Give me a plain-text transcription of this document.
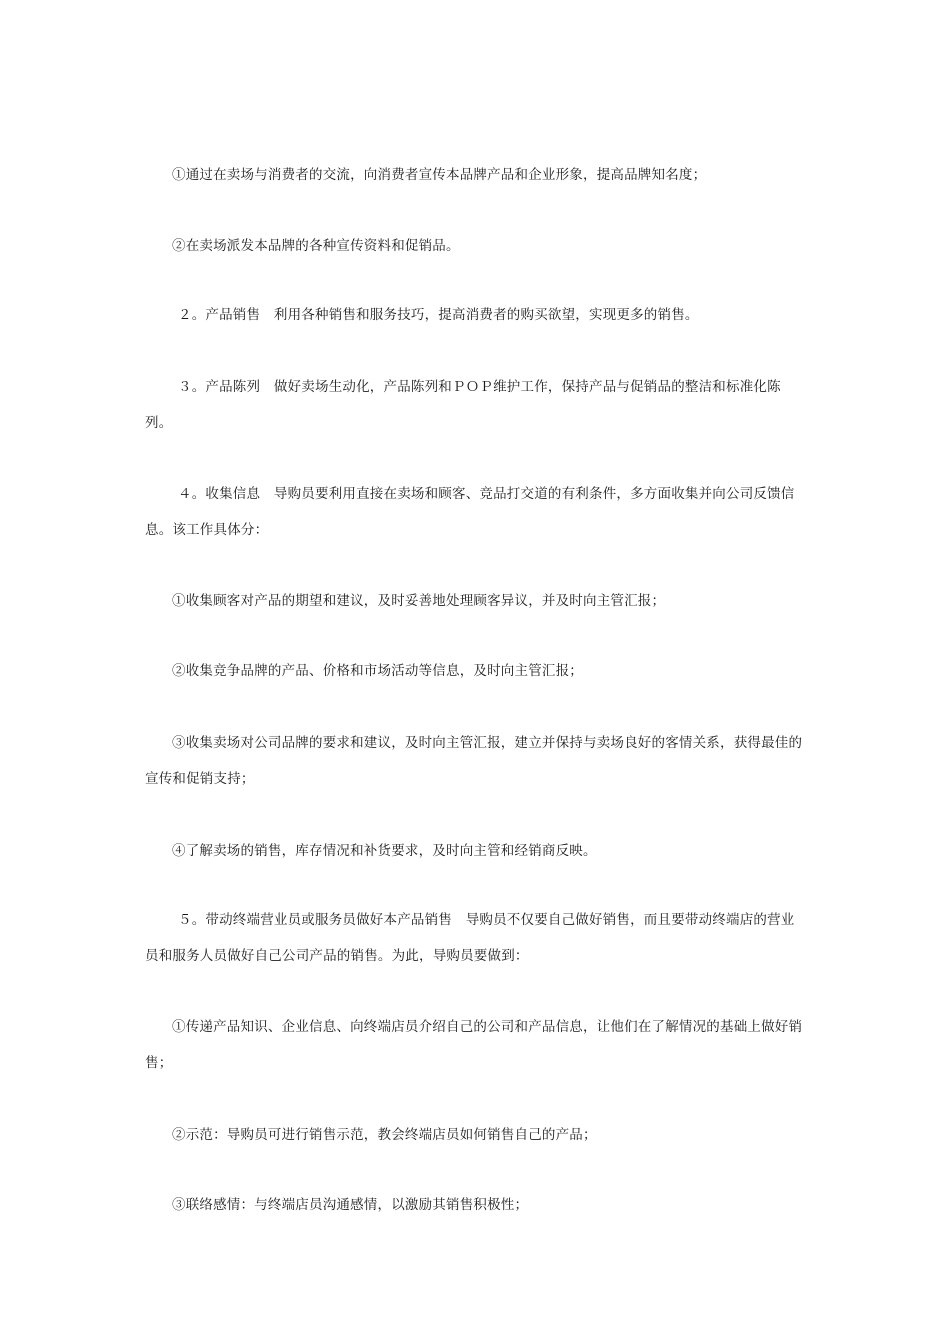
①通过在卖场与消费者的交流，向消费者宣传本品牌产品和企业形象，提高品牌知名度；

②在卖场派发本品牌的各种宣传资料和促销品。

２。产品销售　利用各种销售和服务技巧，提高消费者的购买欲望，实现更多的销售。

３。产品陈列　做好卖场生动化，产品陈列和ＰＯＰ维护工作，保持产品与促销品的整洁和标准化陈列。

４。收集信息　导购员要利用直接在卖场和顾客、竞品打交道的有利条件，多方面收集并向公司反馈信息。该工作具体分：

①收集顾客对产品的期望和建议，及时妥善地处理顾客异议，并及时向主管汇报；

②收集竞争品牌的产品、价格和市场活动等信息，及时向主管汇报；

③收集卖场对公司品牌的要求和建议，及时向主管汇报，建立并保持与卖场良好的客情关系，获得最佳的宣传和促销支持；

④了解卖场的销售，库存情况和补货要求，及时向主管和经销商反映。

５。带动终端营业员或服务员做好本产品销售　导购员不仅要自己做好销售，而且要带动终端店的营业员和服务人员做好自己公司产品的销售。为此，导购员要做到：

①传递产品知识、企业信息、向终端店员介绍自己的公司和产品信息，让他们在了解情况的基础上做好销售；

②示范：导购员可进行销售示范，教会终端店员如何销售自己的产品；

③联络感情：与终端店员沟通感情，以激励其销售积极性；
